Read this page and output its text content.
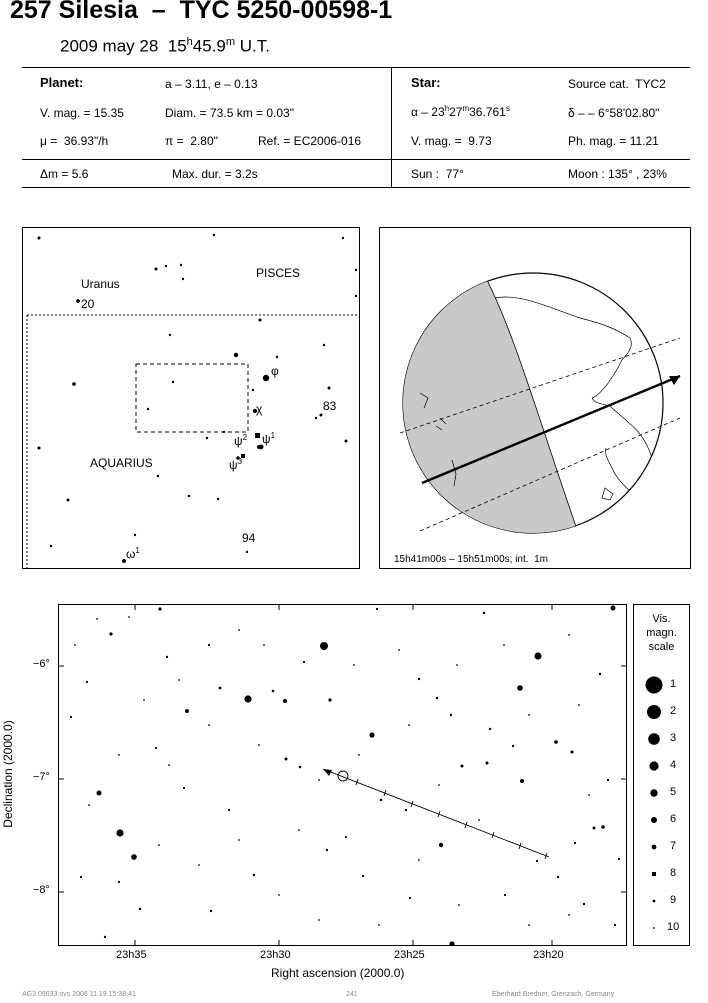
257 Silesia  –  TYC 5250-00598-1
2009 may 28  15$^h$45.9$^m$ U.T.
Planet:	a – 3.11, e – 0.13
V. mag. = 15.35	Diam. = 73.5 km = 0.03"
μ =  36.93"/h	π =  2.80"	Ref. = EC2006-016
Δm = 5.6	Max. dur. = 3.2s
Star:	Source cat.  TYC2
α – 23$^h$27$^m$36.761$^s$	δ – – 6°58'02.80"
V. mag. =  9.73	Ph. mag. = 11.21
Sun :  77°	Moon : 135° , 23%
Uranus
20
PISCES
AQUARIUS
φ
χ	83
$\psi^2$ $\psi^1$
$\psi^3$
94
$\omega^1$
15h41m00s – 15h51m00s; int.  1m
−6°
−7°
−8°
23h35	23h30	23h25	23h20
Right ascension (2000.0)
Declination (2000.0)
Vis.
magn.
scale
1
2
3
4
5
6
7
8
9
10
AG3 09033.ovs 2008 11 19 15:38:41	241	Eberhard Bredner, Grenzach, Germany
